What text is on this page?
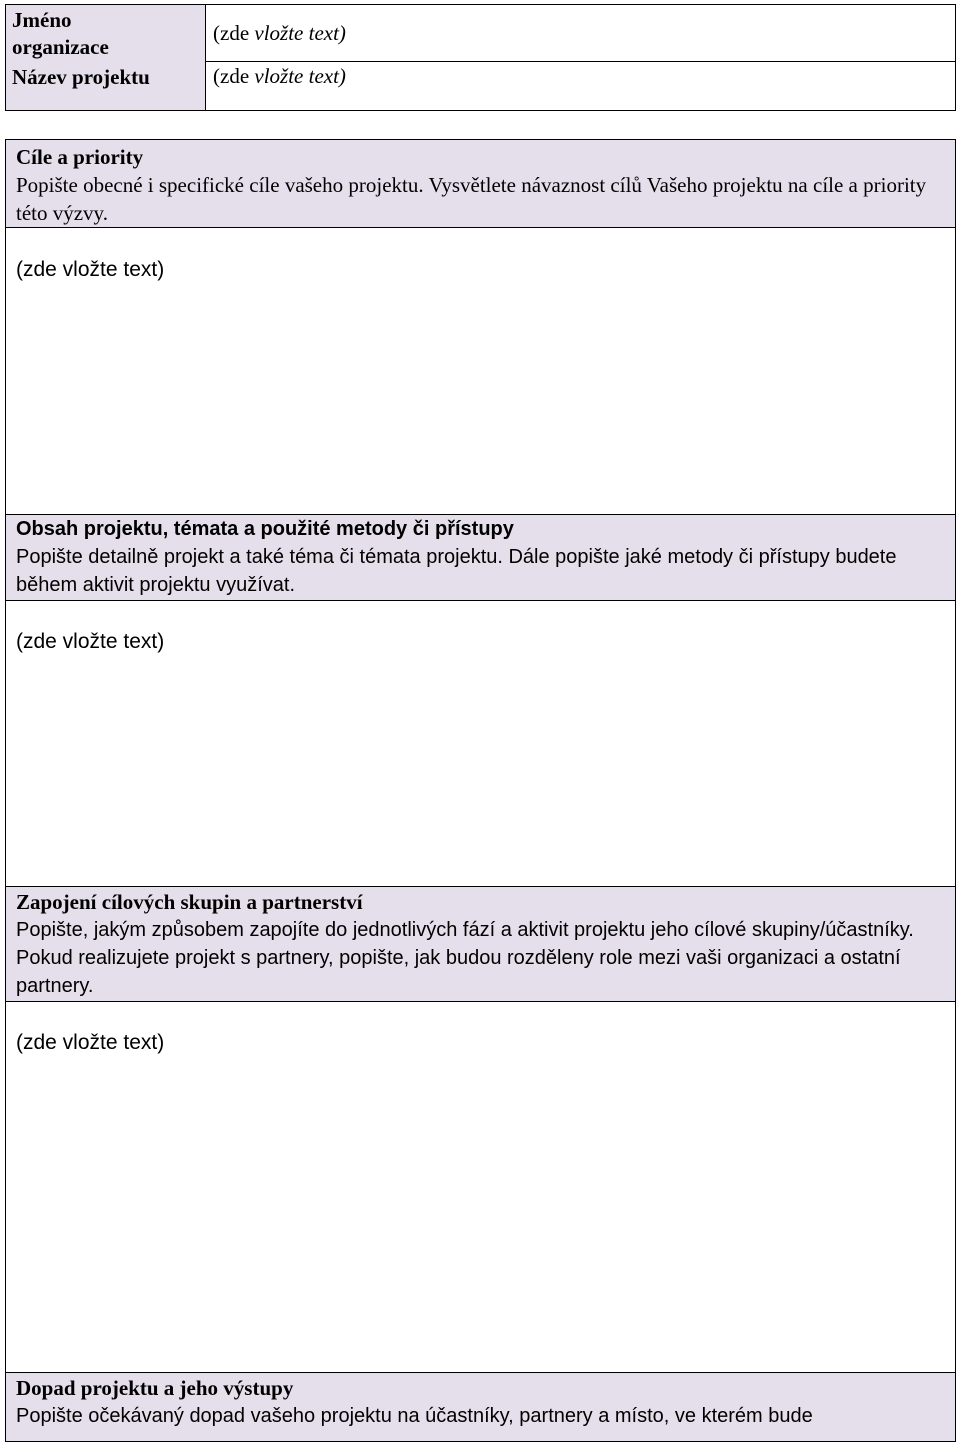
Jméno
organizace
(zde vložte text)
Název projektu	(zde vložte text)

Cíle a priority

Popište obecné i specifické cíle vašeho projektu. Vysvětlete návaznost cílů Vašeho projektu na cíle a priority této výzvy.

(zde vložte text)

Obsah projektu, témata a použité metody či přístupy

Popište detailně projekt a také téma či témata projektu. Dále popište jaké metody či přístupy budete během aktivit projektu využívat.

(zde vložte text)

Zapojení cílových skupin a partnerství

Popište, jakým způsobem zapojíte do jednotlivých fází a aktivit projektu jeho cílové skupiny/účastníky. Pokud realizujete projekt s partnery, popište, jak budou rozděleny role mezi vaši organizaci a ostatní partnery.

(zde vložte text)

Dopad projektu a jeho výstupy

Popište očekávaný dopad vašeho projektu na účastníky, partnery a místo, ve kterém bude
